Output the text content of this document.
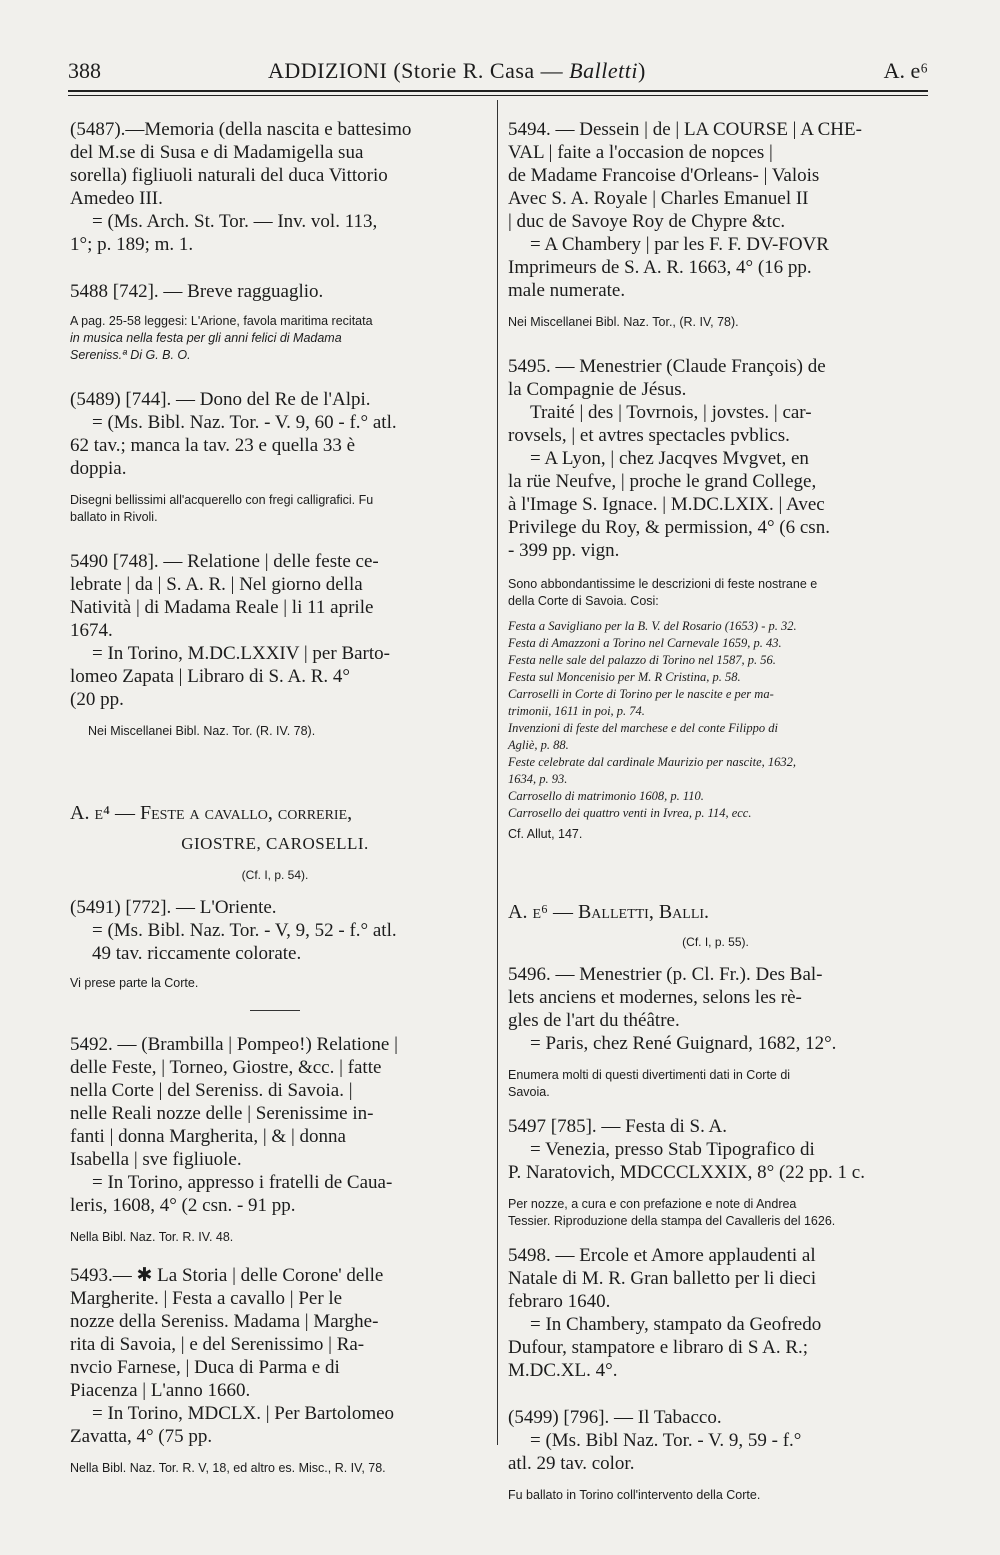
388	ADDIZIONI (Storie R. Casa — Balletti)	A. e⁶
(5487).—Memoria (della nascita e battesimo
del M.se di Susa e di Madamigella sua
sorella) figliuoli naturali del duca Vittorio
Amedeo III.
= (Ms. Arch. St. Tor. — Inv. vol. 113,
1°; p. 189; m. 1.
5488 [742]. — Breve ragguaglio.
A pag. 25-58 leggesi: L'Arione, favola maritima recitata
in musica nella festa per gli anni felici di Madama
Sereniss.ª Di G. B. O.
(5489) [744]. — Dono del Re de l'Alpi.
= (Ms. Bibl. Naz. Tor. - V. 9, 60 - f.° atl.
62 tav.; manca la tav. 23 e quella 33 è
doppia.
Disegni bellissimi all'acquerello con fregi calligrafici. Fu
ballato in Rivoli.
5490 [748]. — Relatione | delle feste ce-
lebrate | da | S. A. R. | Nel giorno della
Natività | di Madama Reale | li 11 aprile
1674.
= In Torino, M.DC.LXXIV | per Barto-
lomeo Zapata | Libraro di S. A. R. 4°
(20 pp.
Nei Miscellanei Bibl. Naz. Tor. (R. IV. 78).
A. e⁴ — Feste a cavallo, correrie,
GIOSTRE, CAROSELLI.
(Cf. I, p. 54).
(5491) [772]. — L'Oriente.
= (Ms. Bibl. Naz. Tor. - V, 9, 52 - f.° atl.
49 tav. riccamente colorate.
Vi prese parte la Corte.
5492. — (Brambilla | Pompeo!) Relatione |
delle Feste, | Torneo, Giostre, &cc. | fatte
nella Corte | del Sereniss. di Savoia. |
nelle Reali nozze delle | Serenissime in-
fanti | donna Margherita, | & | donna
Isabella | sve figliuole.
= In Torino, appresso i fratelli de Caua-
leris, 1608, 4° (2 csn. - 91 pp.
Nella Bibl. Naz. Tor. R. IV. 48.
5493.— ✱ La Storia | delle Corone' delle
Margherite. | Festa a cavallo | Per le
nozze della Sereniss. Madama | Marghe-
rita di Savoia, | e del Serenissimo | Ra-
nvcio Farnese, | Duca di Parma e di
Piacenza | L'anno 1660.
= In Torino, MDCLX. | Per Bartolomeo
Zavatta, 4° (75 pp.
Nella Bibl. Naz. Tor. R. V, 18, ed altro es. Misc., R. IV, 78.
5494. — Dessein | de | LA COURSE | A CHE-
VAL | faite a l'occasion de nopces |
de Madame Francoise d'Orleans- | Valois
Avec S. A. Royale | Charles Emanuel II
| duc de Savoye Roy de Chypre &tc.
= A Chambery | par les F. F. DV-FOVR
Imprimeurs de S. A. R. 1663, 4° (16 pp.
male numerate.
Nei Miscellanei Bibl. Naz. Tor., (R. IV, 78).
5495. — Menestrier (Claude François) de
la Compagnie de Jésus.
Traité | des | Tovrnois, | jovstes. | car-
rovsels, | et avtres spectacles pvblics.
= A Lyon, | chez Jacqves Mvgvet, en
la rüe Neufve, | proche le grand College,
à l'Image S. Ignace. | M.DC.LXIX. | Avec
Privilege du Roy, & permission, 4° (6 csn.
- 399 pp. vign.
Sono abbondantissime le descrizioni di feste nostrane e
della Corte di Savoia. Cosi:
Festa a Savigliano per la B. V. del Rosario (1653) - p. 32.
Festa di Amazzoni a Torino nel Carnevale 1659, p. 43.
Festa nelle sale del palazzo di Torino nel 1587, p. 56.
Festa sul Moncenisio per M. R Cristina, p. 58.
Carroselli in Corte di Torino per le nascite e per ma-
trimonii, 1611 in poi, p. 74.
Invenzioni di feste del marchese e del conte Filippo di
Agliè, p. 88.
Feste celebrate dal cardinale Maurizio per nascite, 1632,
1634, p. 93.
Carrosello di matrimonio 1608, p. 110.
Carrosello dei quattro venti in Ivrea, p. 114, ecc.
Cf. Allut, 147.
A. e⁶ — Balletti, Balli.
(Cf. I, p. 55).
5496. — Menestrier (p. Cl. Fr.). Des Bal-
lets anciens et modernes, selons les rè-
gles de l'art du théâtre.
= Paris, chez René Guignard, 1682, 12°.
Enumera molti di questi divertimenti dati in Corte di
Savoia.
5497 [785]. — Festa di S. A.
= Venezia, presso Stab Tipografico di
P. Naratovich, MDCCCLXXIX, 8° (22 pp. 1 c.
Per nozze, a cura e con prefazione e note di Andrea
Tessier. Riproduzione della stampa del Cavalleris del 1626.
5498. — Ercole et Amore applaudenti al
Natale di M. R. Gran balletto per li dieci
febraro 1640.
= In Chambery, stampato da Geofredo
Dufour, stampatore e libraro di S A. R.;
M.DC.XL. 4°.
(5499) [796]. — Il Tabacco.
= (Ms. Bibl Naz. Tor. - V. 9, 59 - f.°
atl. 29 tav. color.
Fu ballato in Torino coll'intervento della Corte.
